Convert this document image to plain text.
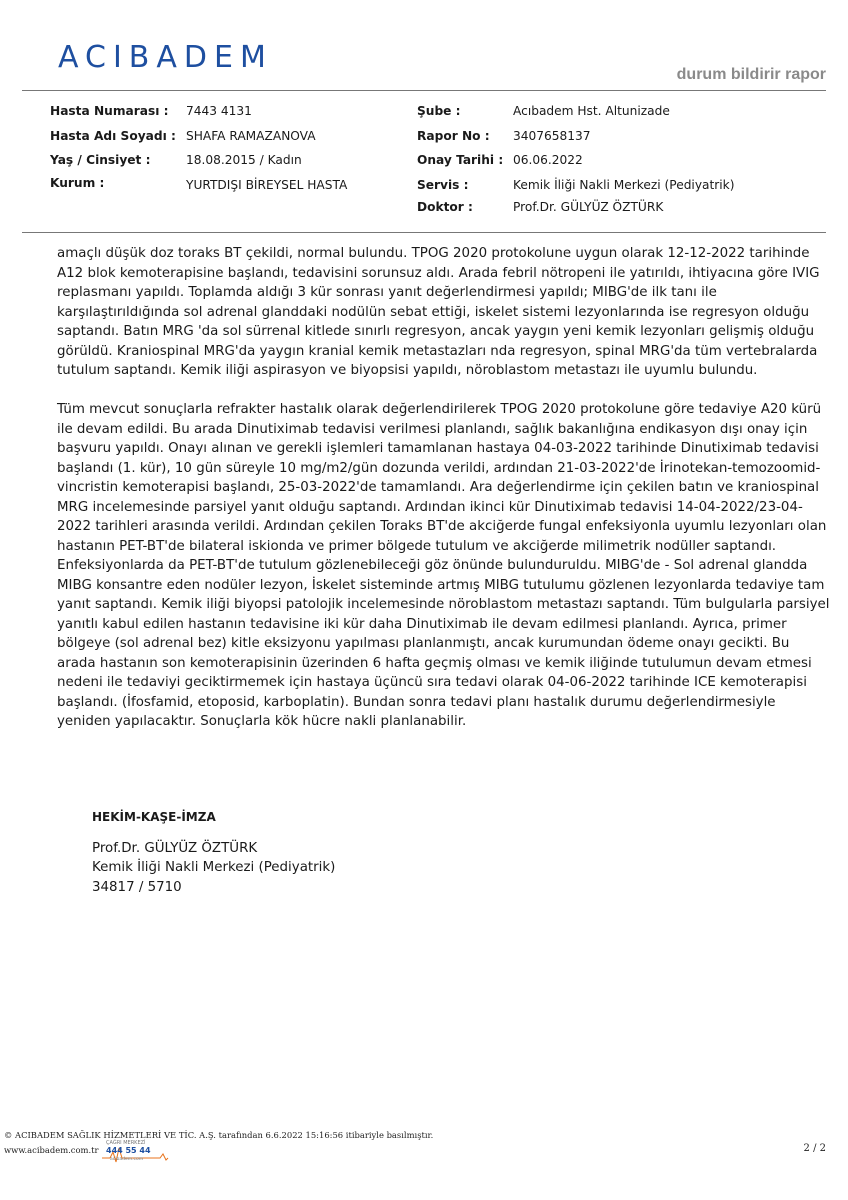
ACIBADEM	durum bildirir rapor
Hasta Numarası : 7443 4131
Hasta Adı Soyadı : SHAFA RAMAZANOVA
Yaş / Cinsiyet :	18.08.2015 / Kadın
Kurum :	YURTDIŞI BİREYSEL HASTA
Şube :	Acıbadem Hst. Altunizade
Rapor No : 3407658137
Onay Tarihi : 06.06.2022
Servis :	Kemik İliği Nakli Merkezi (Pediyatrik)
Doktor :	Prof.Dr. GÜLYÜZ ÖZTÜRK

amaçlı düşük doz toraks BT çekildi, normal bulundu. TPOG 2020 protokolune uygun olarak 12-12-2022 tarihinde A12 blok kemoterapisine başlandı, tedavisini sorunsuz aldı. Arada febril nötropeni ile yatırıldı, ihtiyacına göre IVIG replasmanı yapıldı. Toplamda aldığı 3 kür sonrası yanıt değerlendirmesi yapıldı; MIBG'de ilk tanı ile karşılaştırıldığında sol adrenal glanddaki nodülün sebat ettiği, iskelet sistemi lezyonlarında ise regresyon olduğu saptandı. Batın MRG 'da sol sürrenal kitlede sınırlı regresyon, ancak yaygın yeni kemik lezyonları gelişmiş olduğu görüldü. Kraniospinal MRG'da yaygın kranial kemik metastazları nda regresyon, spinal MRG'da tüm vertebralarda tutulum saptandı. Kemik iliği aspirasyon ve biyopsisi yapıldı, nöroblastom metastazı ile uyumlu bulundu.

Tüm mevcut sonuçlarla refrakter hastalık olarak değerlendirilerek TPOG 2020 protokolune göre tedaviye A20 kürü ile devam edildi. Bu arada Dinutiximab tedavisi verilmesi planlandı, sağlık bakanlığına endikasyon dışı onay için başvuru yapıldı. Onayı alınan ve gerekli işlemleri tamamlanan hastaya 04-03-2022 tarihinde Dinutiximab tedavisi başlandı (1. kür), 10 gün süreyle 10 mg/m2/gün dozunda verildi, ardından 21-03-2022'de İrinotekan-temozoomid- vincristin kemoterapisi başlandı, 25-03-2022'de tamamlandı. Ara değerlendirme için çekilen batın ve kraniospinal MRG incelemesinde parsiyel yanıt olduğu saptandı. Ardından ikinci kür Dinutiximab tedavisi 14-04-2022/23-04-2022 tarihleri arasında verildi. Ardından çekilen Toraks BT'de akciğerde fungal enfeksiyonla uyumlu lezyonları olan hastanın PET-BT'de bilateral iskionda ve primer bölgede tutulum ve akciğerde milimetrik nodüller saptandı. Enfeksiyonlarda da PET-BT'de tutulum gözlenebileceği göz önünde bulunduruldu. MIBG'de - Sol adrenal glandda MIBG konsantre eden nodüler lezyon, İskelet sisteminde artmış MIBG tutulumu gözlenen lezyonlarda tedaviye tam yanıt saptandı. Kemik iliği biyopsi patolojik incelemesinde nöroblastom metastazı saptandı. Tüm bulgularla parsiyel yanıtlı kabul edilen hastanın tedavisine iki kür daha Dinutiximab ile devam edilmesi planlandı. Ayrıca, primer bölgeye (sol adrenal bez) kitle eksizyonu yapılması planlanmıştı, ancak kurumundan ödeme onayı gecikti. Bu arada hastanın son kemoterapisinin üzerinden 6 hafta geçmiş olması ve kemik iliğinde tutulumun devam etmesi nedeni ile tedaviyi geciktirmemek için hastaya üçüncü sıra tedavi olarak 04-06-2022 tarihinde ICE kemoterapisi başlandı. (İfosfamid, etoposid, karboplatin). Bundan sonra tedavi planı hastalık durumu değerlendirmesiyle yeniden yapılacaktır. Sonuçlarla kök hücre nakli planlanabilir.

HEKİM-KAŞE-İMZA
Prof.Dr. GÜLYÜZ ÖZTÜRK
Kemik İliği Nakli Merkezi (Pediyatrik)
34817 / 5710
© ACIBADEM SAĞLIK HİZMETLERİ VE TİC. A.Ş. tarafından 6.6.2022 15:16:56 itibariyle basılmıştır.
www.acibadem.com.tr	2 / 2
ÇAĞRI MERKEZİ
444 55 44
acibadem.com
